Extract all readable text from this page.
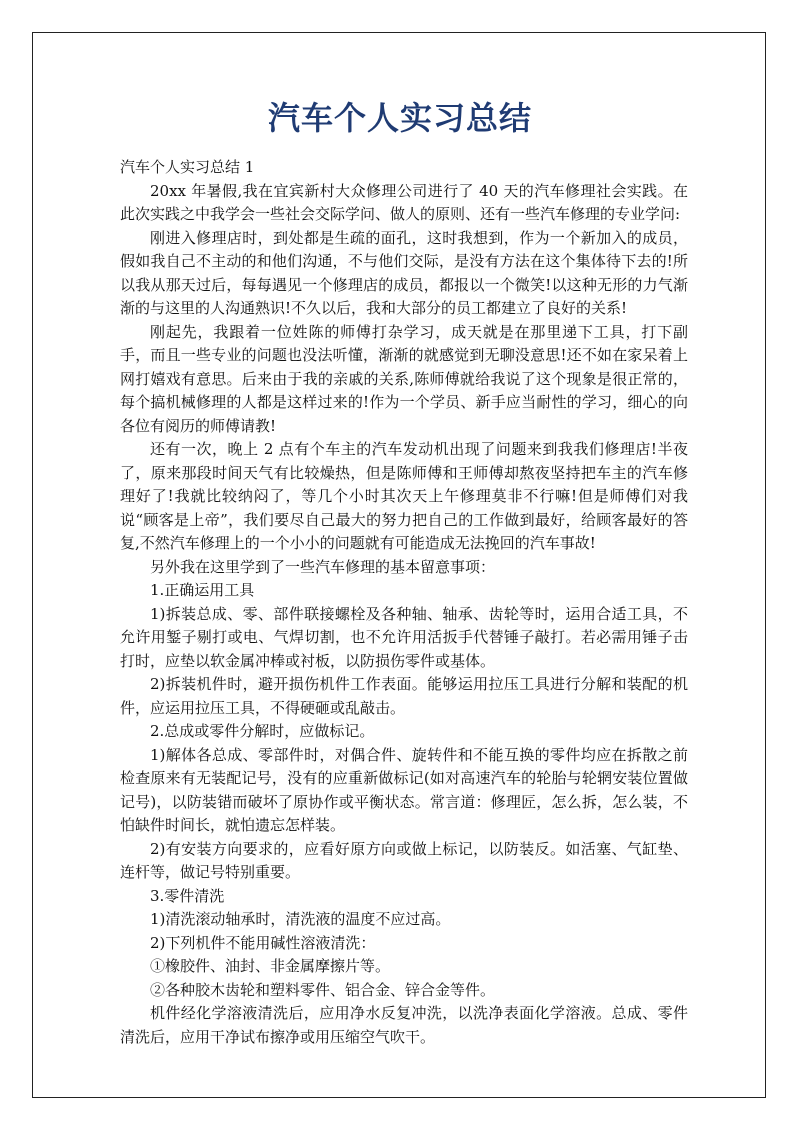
汽车个人实习总结

汽车个人实习总结 1

20xx 年暑假,我在宜宾新村大众修理公司进行了 40 天的汽车修理社会实践。在此次实践之中我学会一些社会交际学问、做人的原则、还有一些汽车修理的专业学问:

刚进入修理店时，到处都是生疏的面孔，这时我想到，作为一个新加入的成员，假如我自己不主动的和他们沟通，不与他们交际，是没有方法在这个集体待下去的!所以我从那天过后，每每遇见一个修理店的成员，都报以一个微笑!以这种无形的力气渐渐的与这里的人沟通熟识!不久以后，我和大部分的员工都建立了良好的关系!

刚起先，我跟着一位姓陈的师傅打杂学习，成天就是在那里递下工具，打下副手，而且一些专业的问题也没法听懂，渐渐的就感觉到无聊没意思!还不如在家呆着上网打嬉戏有意思。后来由于我的亲戚的关系,陈师傅就给我说了这个现象是很正常的，每个搞机械修理的人都是这样过来的!作为一个学员、新手应当耐性的学习，细心的向各位有阅历的师傅请教!

还有一次，晚上 2 点有个车主的汽车发动机出现了问题来到我我们修理店!半夜了，原来那段时间天气有比较燥热，但是陈师傅和王师傅却熬夜坚持把车主的汽车修理好了!我就比较纳闷了，等几个小时其次天上午修理莫非不行嘛!但是师傅们对我说“顾客是上帝”，我们要尽自己最大的努力把自己的工作做到最好，给顾客最好的答复,不然汽车修理上的一个小小的问题就有可能造成无法挽回的汽车事故!

另外我在这里学到了一些汽车修理的基本留意事项：

1.正确运用工具

1)拆装总成、零、部件联接螺栓及各种轴、轴承、齿轮等时，运用合适工具，不允许用錾子剔打或电、气焊切割，也不允许用活扳手代替锤子敲打。若必需用锤子击打时，应垫以软金属冲棒或衬板，以防损伤零件或基体。

2)拆装机件时，避开损伤机件工作表面。能够运用拉压工具进行分解和装配的机件，应运用拉压工具，不得硬砸或乱敲击。

2.总成或零件分解时，应做标记。

1)解体各总成、零部件时，对偶合件、旋转件和不能互换的零件均应在拆散之前检查原来有无装配记号，没有的应重新做标记(如对高速汽车的轮胎与轮辋安装位置做记号)，以防装错而破坏了原协作或平衡状态。常言道：修理匠，怎么拆，怎么装，不怕缺件时间长，就怕遗忘怎样装。

2)有安装方向要求的，应看好原方向或做上标记，以防装反。如活塞、气缸垫、连杆等，做记号特别重要。

3.零件清洗

1)清洗滚动轴承时，清洗液的温度不应过高。

2)下列机件不能用碱性溶液清洗：

①橡胶件、油封、非金属摩擦片等。

②各种胶木齿轮和塑料零件、铝合金、锌合金等件。

机件经化学溶液清洗后，应用净水反复冲洗，以洗净表面化学溶液。总成、零件清洗后，应用干净试布擦净或用压缩空气吹干。
